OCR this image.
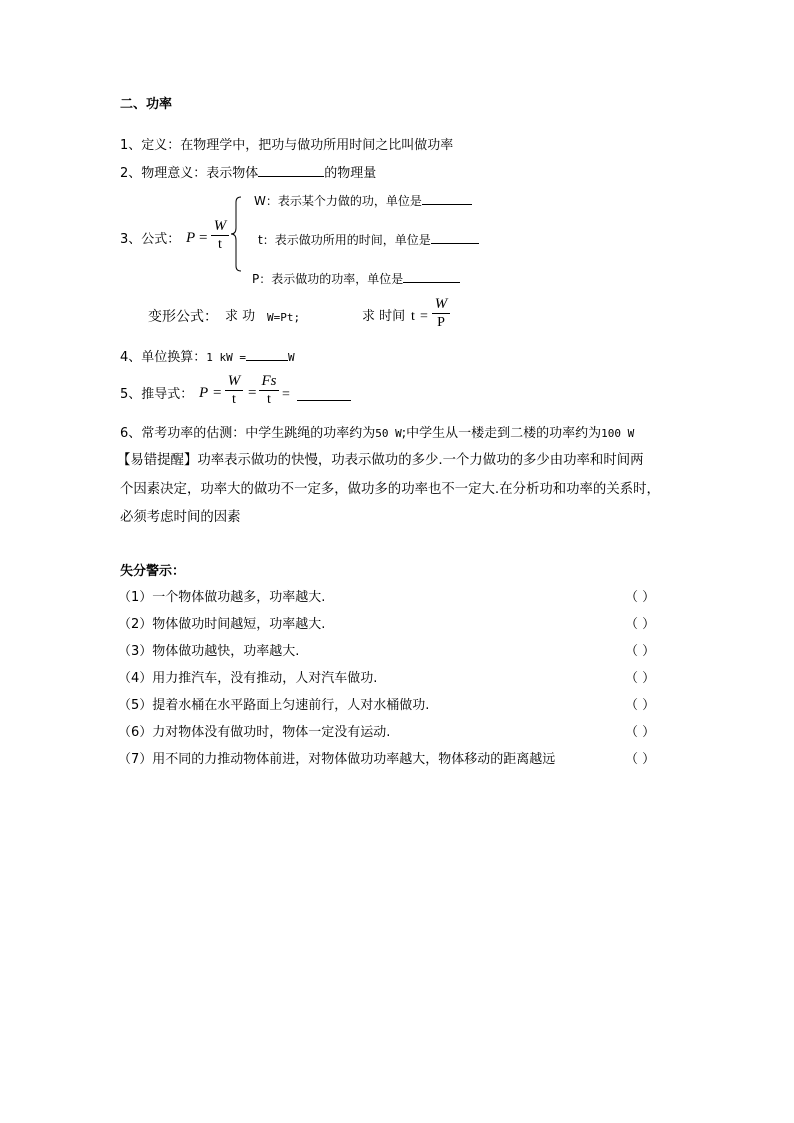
二、功率
1、定义：在物理学中，把功与做功所用时间之比叫做功率
2、物理意义：表示物体	的物理量
3、公式： P =
W
t
W：表示某个力做的功，单位是
t：表示做功所用的时间，单位是
P：表示做功的功率，单位是
变形公式： 求 功 W=Pt;	求 时间 t =
W
P
4、单位换算：1 kW =	W
5、推导式： P =
W
t =
Fs
t =
6、常考功率的估测：中学生跳绳的功率约为50 W;中学生从一楼走到二楼的功率约为100 W
【易错提醒】功率表示做功的快慢，功表示做功的多少.一个力做功的多少由功率和时间两
个因素决定，功率大的做功不一定多，做功多的功率也不一定大.在分析功和功率的关系时，
必须考虑时间的因素
失分警示：
（1）一个物体做功越多，功率越大.	（ ）
（2）物体做功时间越短，功率越大.	（ ）
（3）物体做功越快，功率越大.	（ ）
（4）用力推汽车，没有推动，人对汽车做功.	（ ）
（5）提着水桶在水平路面上匀速前行，人对水桶做功.	（ ）
（6）力对物体没有做功时，物体一定没有运动.	（ ）
（7）用不同的力推动物体前进，对物体做功功率越大，物体移动的距离越远	（ ）
